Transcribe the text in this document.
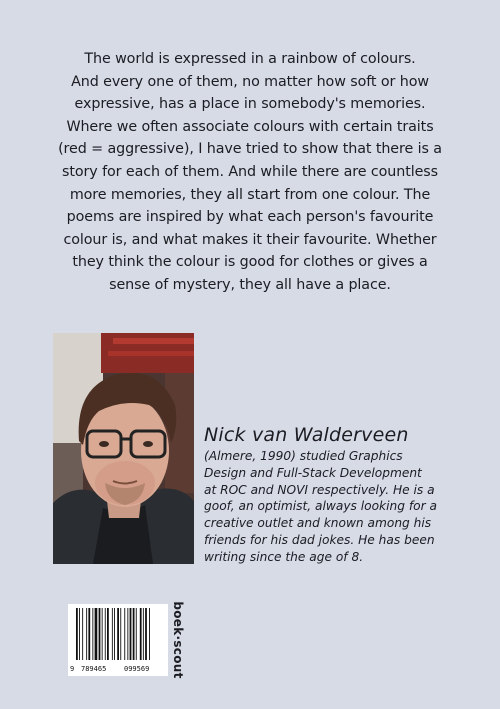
The world is expressed in a rainbow of colours.
And every one of them, no matter how soft or how
expressive, has a place in somebody's memories.
Where we often associate colours with certain traits
(red = aggressive), I have tried to show that there is a
story for each of them. And while there are countless
more memories, they all start from one colour. The
poems are inspired by what each person's favourite
colour is, and what makes it their favourite. Whether
they think the colour is good for clothes or gives a
sense of mystery, they all have a place.
Nick van Walderveen
(Almere, 1990) studied Graphics
Design and Full-Stack Development
at ROC and NOVI respectively. He is a
goof, an optimist, always looking for a
creative outlet and known among his
friends for his dad jokes. He has been
writing since the age of 8.
9 789465	099569 boek·scout
